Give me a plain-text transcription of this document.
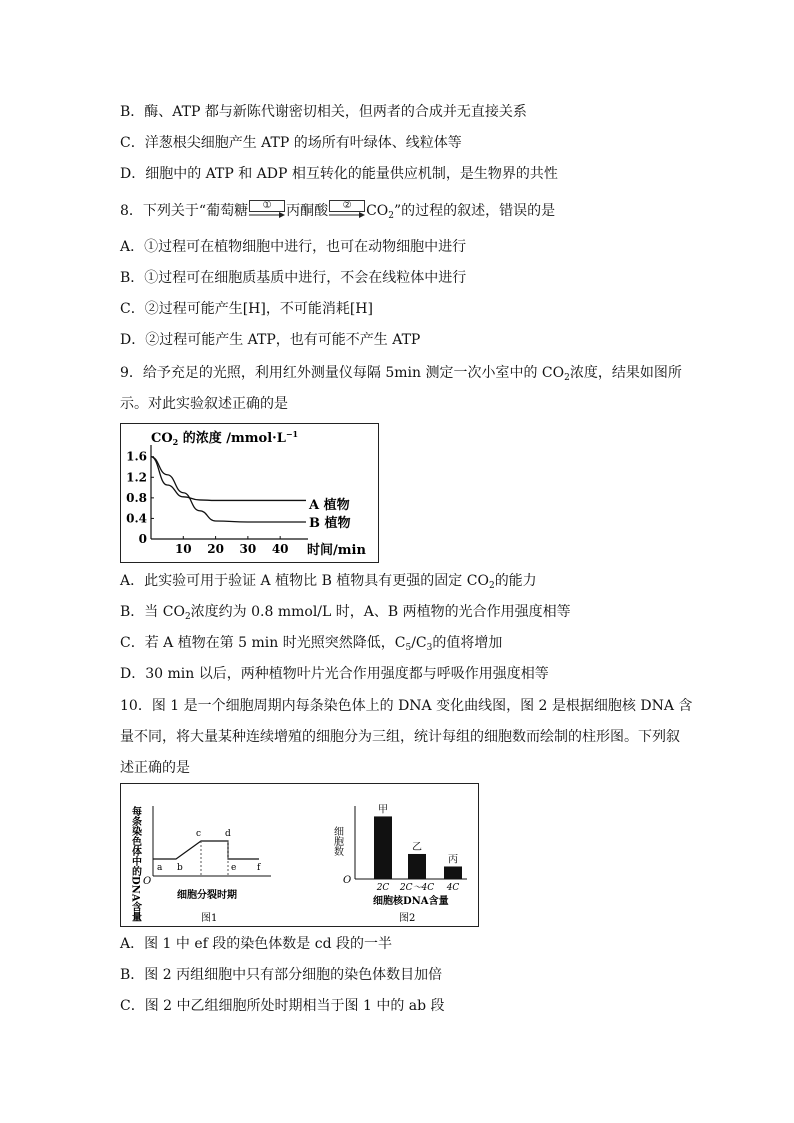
B．酶、ATP 都与新陈代谢密切相关，但两者的合成并无直接关系
C．洋葱根尖细胞产生 ATP 的场所有叶绿体、线粒体等
D．细胞中的 ATP 和 ADP 相互转化的能量供应机制，是生物界的共性
8．下列关于“葡萄糖	①	丙酮酸	②	$CO_2$”的过程的叙述，错误的是
A．①过程可在植物细胞中进行，也可在动物细胞中进行
B．①过程可在细胞质基质中进行，不会在线粒体中进行
C．②过程可能产生[H]，不可能消耗[H]
D．②过程可能产生 ATP，也有可能不产生 ATP
9．给予充足的光照，利用红外测量仪每隔 5min 测定一次小室中的 $CO_2$浓度，结果如图所
示。对此实验叙述正确的是
$CO_2$ 的浓度 $/mmol\cdot L^{-1}$
0
0.4
0.8
1.2
1.6
10 20 30 40
A 植物
B 植物
时间/min
A．此实验可用于验证 A 植物比 B 植物具有更强的固定 $CO_2$的能力
B．当 $CO_2$浓度约为 0.8 mmol/L 时，A、B 两植物的光合作用强度相等
C．若 A 植物在第 5 min 时光照突然降低，$C_5/C_3$的值将增加
D．30 min 以后，两种植物叶片光合作用强度都与呼吸作用强度相等
10．图 1 是一个细胞周期内每条染色体上的 DNA 变化曲线图，图 2 是根据细胞核 DNA 含
量不同，将大量某种连续增殖的细胞分为三组，统计每组的细胞数而绘制的柱形图。下列叙
述正确的是
每条染色体中的DNA含量 a b
c	d
e f
O
细胞分裂时期
图1
细胞数
甲
2C
乙
2C～4C
丙
4C
O
细胞核DNA含量
图2
A．图 1 中 ef 段的染色体数是 cd 段的一半
B．图 2 丙组细胞中只有部分细胞的染色体数目加倍
C．图 2 中乙组细胞所处时期相当于图 1 中的 ab 段
